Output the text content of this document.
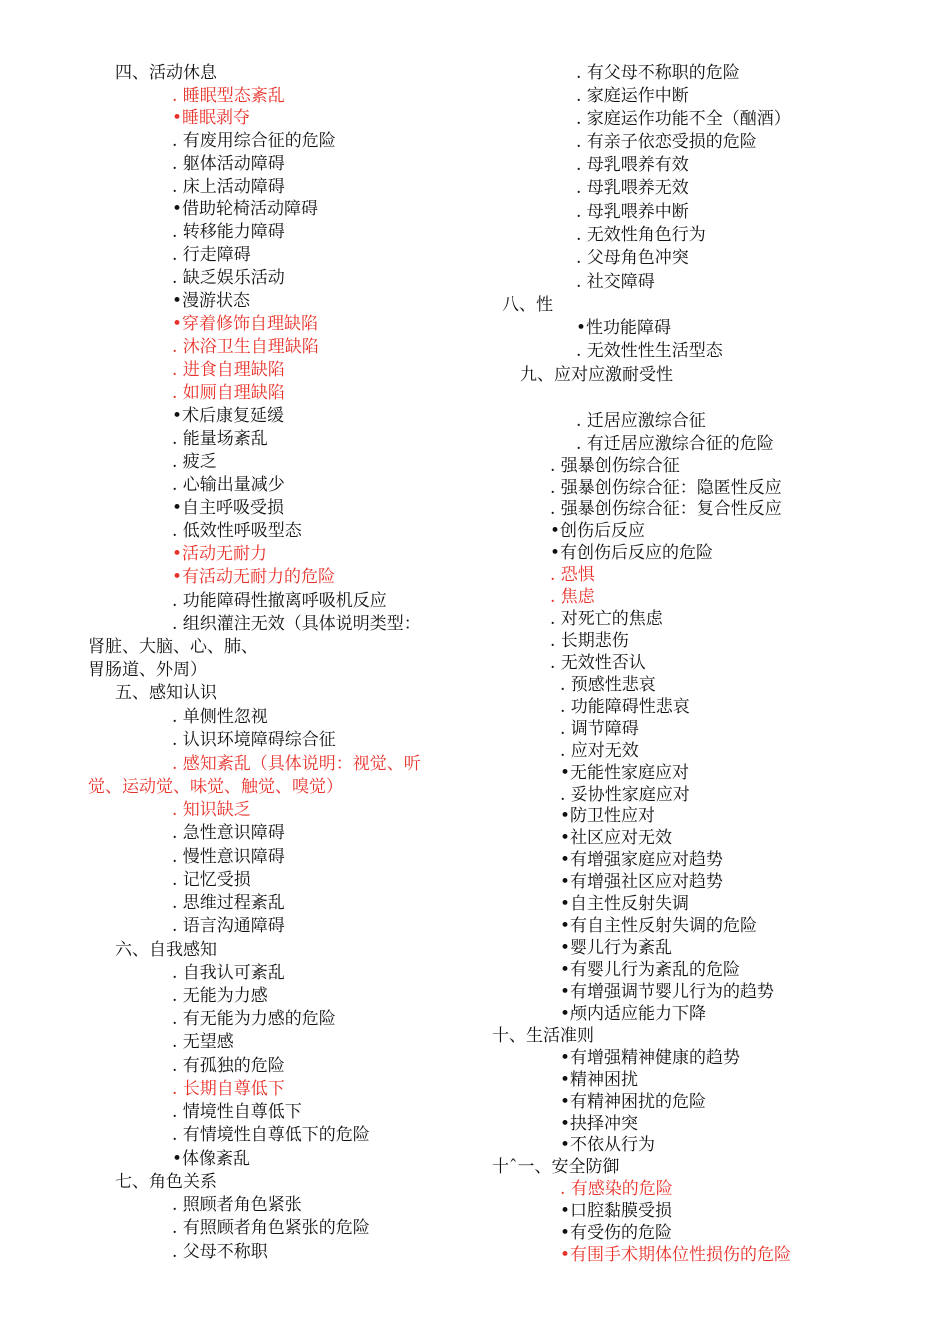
四、活动休息
. 睡眠型态紊乱
•睡眠剥夺
. 有废用综合征的危险
. 躯体活动障碍
. 床上活动障碍
•借助轮椅活动障碍
. 转移能力障碍
. 行走障碍
. 缺乏娱乐活动
•漫游状态
•穿着修饰自理缺陷
. 沐浴卫生自理缺陷
. 进食自理缺陷
. 如厕自理缺陷
•术后康复延缓
. 能量场紊乱
. 疲乏
. 心输出量减少
•自主呼吸受损
. 低效性呼吸型态
•活动无耐力
•有活动无耐力的危险
. 功能障碍性撤离呼吸机反应
. 组织灌注无效（具体说明类型：
肾脏、大脑、心、肺、
胃肠道、外周）
五、感知认识
. 单侧性忽视
. 认识环境障碍综合征
. 感知紊乱（具体说明：视觉、听
觉、运动觉、味觉、触觉、嗅觉）
. 知识缺乏
. 急性意识障碍
. 慢性意识障碍
. 记忆受损
. 思维过程紊乱
. 语言沟通障碍
六、自我感知
. 自我认可紊乱
. 无能为力感
. 有无能为力感的危险
. 无望感
. 有孤独的危险
. 长期自尊低下
. 情境性自尊低下
. 有情境性自尊低下的危险
•体像紊乱
七、角色关系
. 照顾者角色紧张
. 有照顾者角色紧张的危险
. 父母不称职
. 有父母不称职的危险
. 家庭运作中断
. 家庭运作功能不全（酗酒）
. 有亲子依恋受损的危险
. 母乳喂养有效
. 母乳喂养无效
. 母乳喂养中断
. 无效性角色行为
. 父母角色冲突
. 社交障碍
八、性
•性功能障碍
. 无效性性生活型态
九、应对应激耐受性
. 迁居应激综合征
. 有迁居应激综合征的危险
. 强暴创伤综合征
. 强暴创伤综合征：隐匿性反应
. 强暴创伤综合征：复合性反应
•创伤后反应
•有创伤后反应的危险
. 恐惧
. 焦虑
. 对死亡的焦虑
. 长期悲伤
. 无效性否认
. 预感性悲哀
. 功能障碍性悲哀
. 调节障碍
. 应对无效
•无能性家庭应对
. 妥协性家庭应对
•防卫性应对
•社区应对无效
•有增强家庭应对趋势
•有增强社区应对趋势
•自主性反射失调
•有自主性反射失调的危险
•婴儿行为紊乱
•有婴儿行为紊乱的危险
•有增强调节婴儿行为的趋势
•颅内适应能力下降
十、生活准则
•有增强精神健康的趋势
•精神困扰
•有精神困扰的危险
•抉择冲突
•不依从行为
十ˆ一、安全防御
. 有感染的危险
•口腔黏膜受损
•有受伤的危险
•有围手术期体位性损伤的危险
